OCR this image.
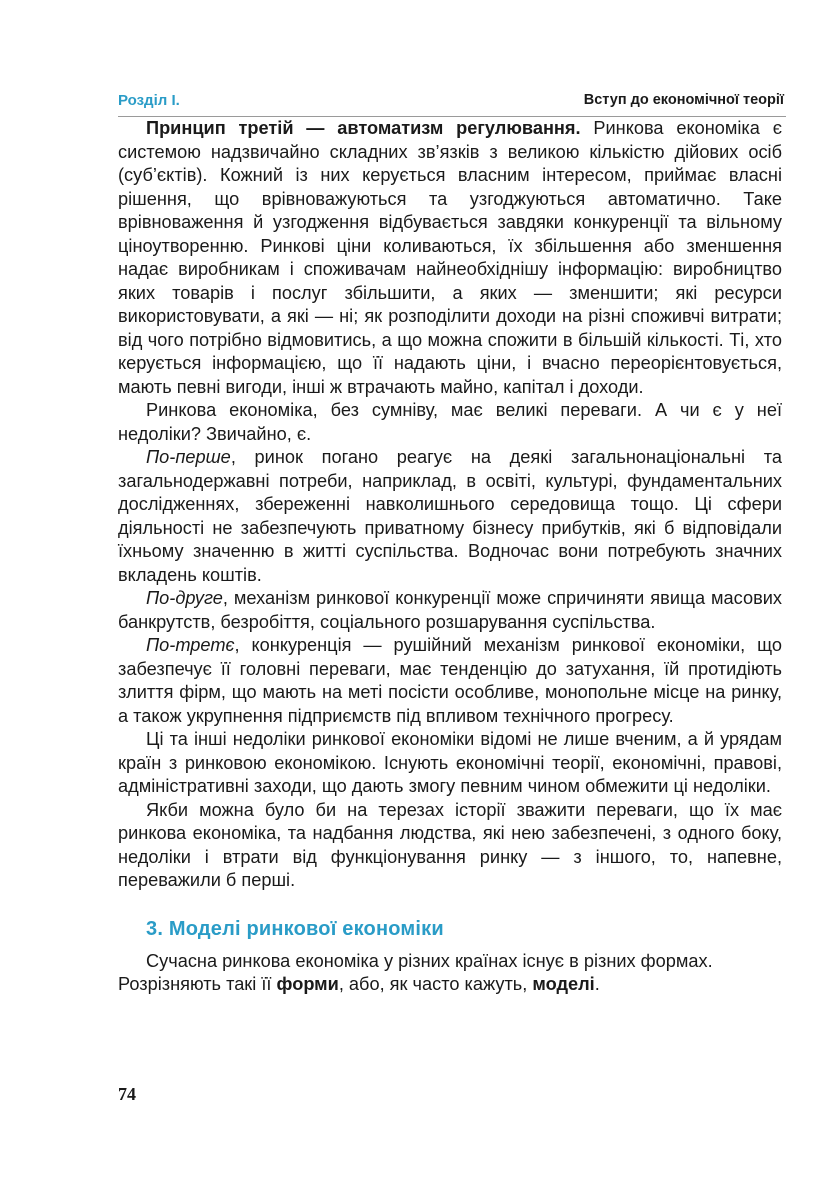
Розділ І.	Вступ до економічної теорії

Принцип третій — автоматизм регулювання. Ринкова економіка є системою надзвичайно складних зв’язків з великою кількістю дійових осіб (суб’єктів). Кожний із них керується власним інтересом, приймає власні рішення, що врівноважуються та узгоджуються автоматично. Таке врівноваження й узгодження відбувається завдяки конкуренції та вільному ціноутворенню. Ринкові ціни коливаються, їх збільшення або зменшення надає виробникам і споживачам найнеобхіднішу інформацію: виробництво яких товарів і послуг збільшити, а яких — зменшити; які ресурси використовувати, а які — ні; як розподілити доходи на різні споживчі витрати; від чого потрібно відмовитись, а що можна спожити в більшій кількості. Ті, хто керується інформацією, що її надають ціни, і вчасно переорієнтовується, мають певні вигоди, інші ж втрачають майно, капітал і доходи.

Ринкова економіка, без сумніву, має великі переваги. А чи є у неї недоліки? Звичайно, є.

По-перше, ринок погано реагує на деякі загальнонаціональні та загальнодержавні потреби, наприклад, в освіті, культурі, фундаментальних дослідженнях, збереженні навколишнього середовища тощо. Ці сфери діяльності не забезпечують приватному бізнесу прибутків, які б відповідали їхньому значенню в житті суспільства. Водночас вони потребують значних вкладень коштів.

По-друге, механізм ринкової конкуренції може спричиняти явища масових банкрутств, безробіття, соціального розшарування суспільства.

По-третє, конкуренція — рушійний механізм ринкової економіки, що забезпечує її головні переваги, має тенденцію до затухання, їй протидіють злиття фірм, що мають на меті посісти особливе, монопольне місце на ринку, а також укрупнення підприємств під впливом технічного прогресу.

Ці та інші недоліки ринкової економіки відомі не лише вченим, а й урядам країн з ринковою економікою. Існують економічні теорії, економічні, правові, адміністративні заходи, що дають змогу певним чином обмежити ці недоліки.

Якби можна було би на терезах історії зважити переваги, що їх має ринкова економіка, та надбання людства, які нею забезпечені, з одного боку, недоліки і втрати від функціонування ринку — з іншого, то, напевне, переважили б перші.

3. Моделі ринкової економіки

Сучасна ринкова економіка у різних країнах існує в різних формах.

Розрізняють такі її форми, або, як часто кажуть, моделі.

74
